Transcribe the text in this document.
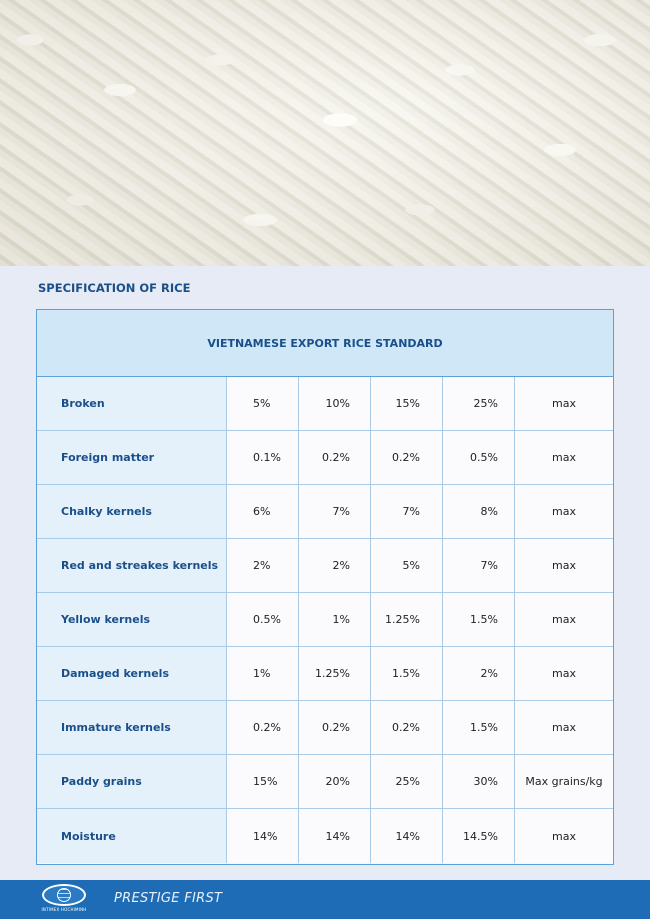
SPECIFICATION OF RICE
VIETNAMESE EXPORT RICE STANDARD
Broken	5%	10%	15%	25%	max
Foreign matter	0.1%	0.2%	0.2%	0.5%	max
Chalky kernels	6%	7%	7%	8%	max
Red and streakes kernels	2%	2%	5%	7%	max
Yellow kernels	0.5%	1%	1.25%	1.5%	max
Damaged kernels	1%	1.25%	1.5%	2%	max
Immature kernels	0.2%	0.2%	0.2%	1.5%	max
Paddy grains	15%	20%	25%	30%	Max grains/kg
Moisture	14%	14%	14%	14.5%	max
INTIMEX HOCHIMINH
PRESTIGE FIRST
